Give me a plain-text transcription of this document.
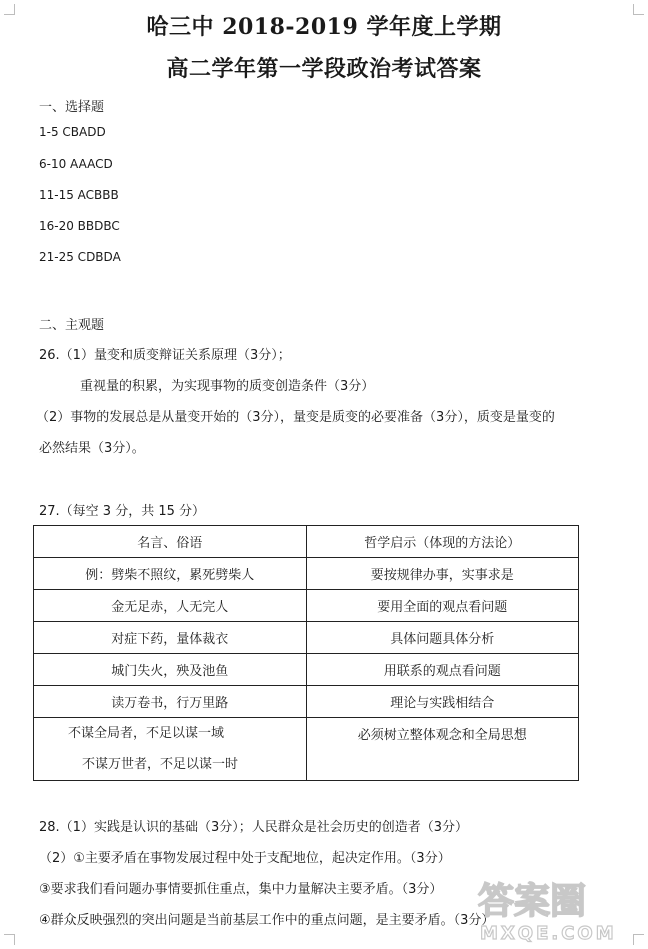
哈三中 2018-2019 学年度上学期
高二学年第一学段政治考试答案
一、选择题
1-5 CBADD
6-10 AAACD
11-15 ACBBB
16-20 BBDBC
21-25 CDBDA
二、主观题
26.（1）量变和质变辩证关系原理（3分）；
重视量的积累，为实现事物的质变创造条件（3分）
（2）事物的发展总是从量变开始的（3分），量变是质变的必要准备（3分），质变是量变的
必然结果（3分）。
27.（每空 3 分，共 15 分）
名言、俗语	哲学启示（体现的方法论）
例：劈柴不照纹，累死劈柴人	要按规律办事，实事求是
金无足赤，人无完人	要用全面的观点看问题
对症下药，量体裁衣	具体问题具体分析
城门失火，殃及池鱼	用联系的观点看问题
读万卷书，行万里路	理论与实践相结合

不谋全局者，不足以谋一域
不谋万世者，不足以谋一时	必须树立整体观念和全局思想
28.（1）实践是认识的基础（3分）；人民群众是社会历史的创造者（3分）
（2）①主要矛盾在事物发展过程中处于支配地位，起决定作用。（3分）
③要求我们看问题办事情要抓住重点，集中力量解决主要矛盾。（3分）
④群众反映强烈的突出问题是当前基层工作中的重点问题，是主要矛盾。（3分）
答案圈
MXQE.COM
